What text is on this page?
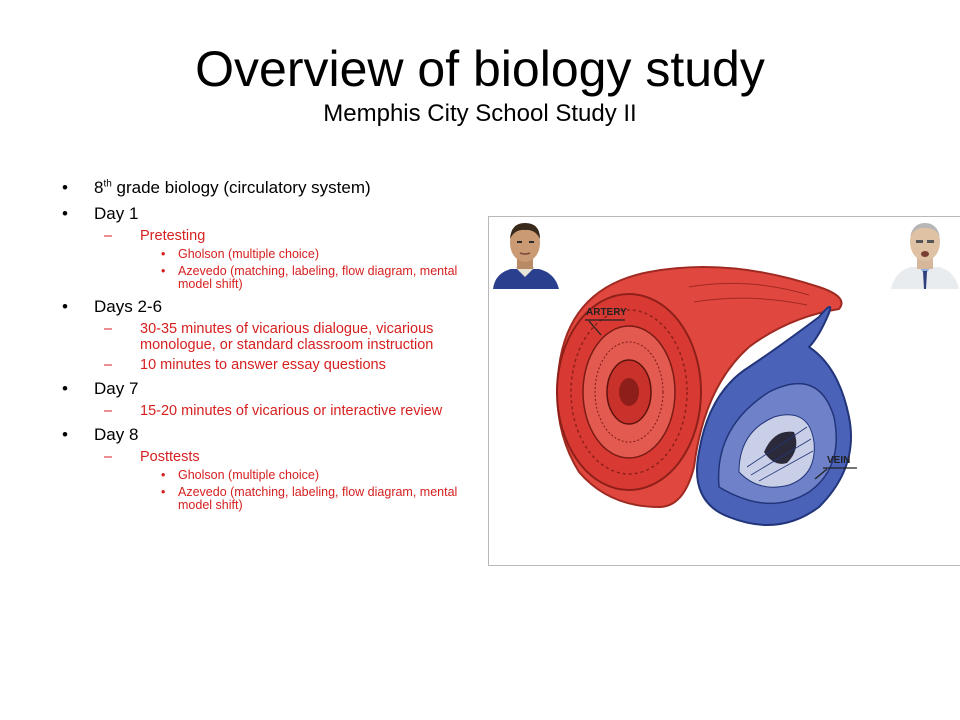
Overview of biology study
Memphis City School Study II
• 8th grade biology (circulatory system)
• Day 1
– Pretesting
• Gholson (multiple choice)
• Azevedo (matching, labeling, flow diagram, mental model shift)
• Days 2-6
– 30-35 minutes of vicarious dialogue, vicarious monologue, or standard classroom instruction
– 10 minutes to answer essay questions
• Day 7
– 15-20 minutes of vicarious or interactive review
• Day 8
– Posttests
• Gholson (multiple choice)
• Azevedo (matching, labeling, flow diagram, mental model shift)
ARTERY
VEIN
